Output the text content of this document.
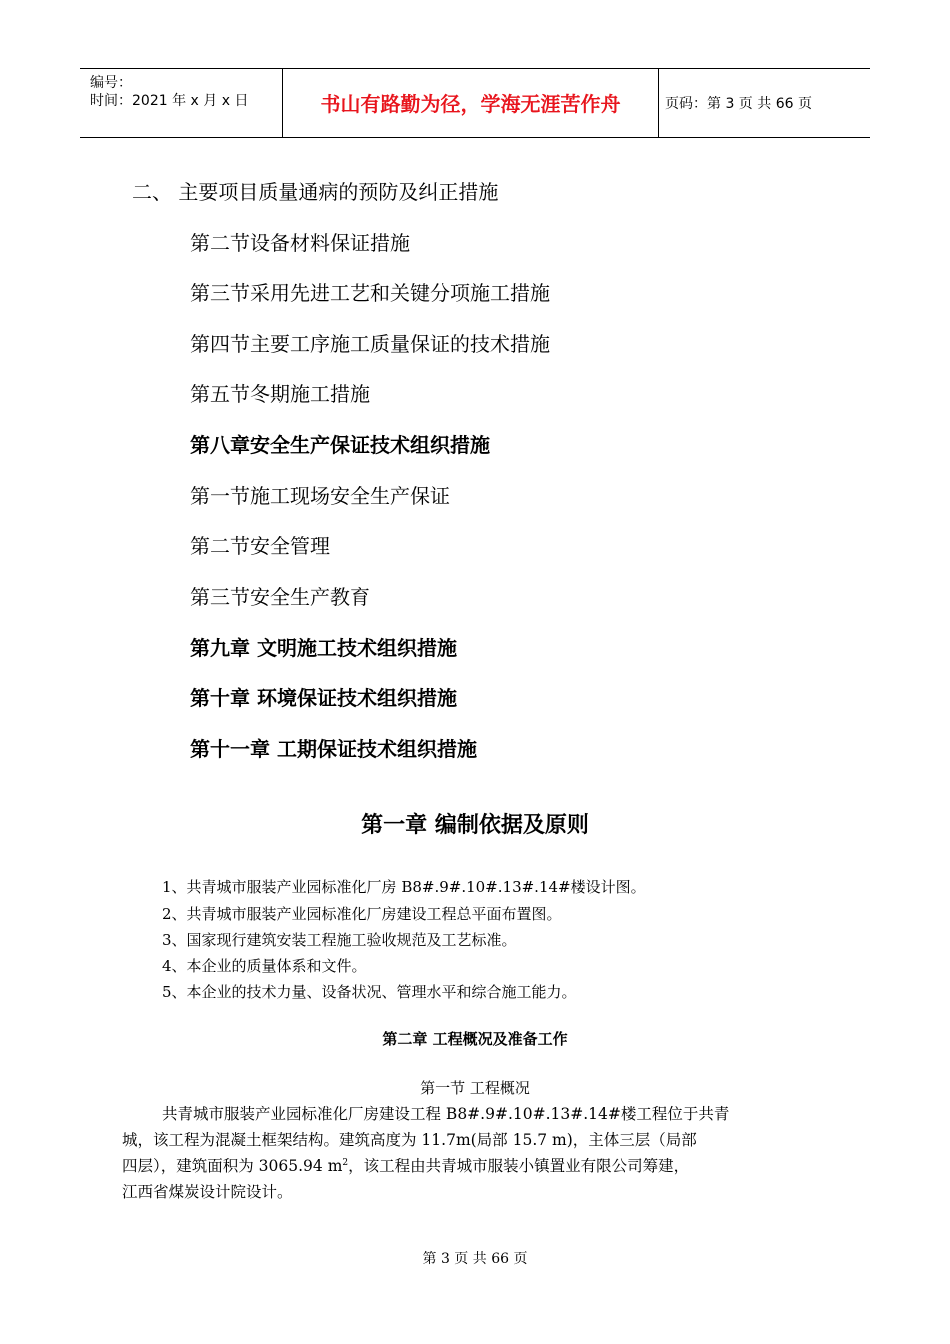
编号：
时间：2021 年 x 月 x 日	书山有路勤为径，学海无涯苦作舟	页码：第 3 页 共 66 页
二、 主要项目质量通病的预防及纠正措施
第二节设备材料保证措施
第三节采用先进工艺和关键分项施工措施
第四节主要工序施工质量保证的技术措施
第五节冬期施工措施
第八章安全生产保证技术组织措施
第一节施工现场安全生产保证
第二节安全管理
第三节安全生产教育
第九章 文明施工技术组织措施
第十章 环境保证技术组织措施
第十一章 工期保证技术组织措施
第一章 编制依据及原则
1、共青城市服装产业园标准化厂房 B8#.9#.10#.13#.14#楼设计图。
2、共青城市服装产业园标准化厂房建设工程总平面布置图。
3、国家现行建筑安装工程施工验收规范及工艺标准。
4、本企业的质量体系和文件。
5、本企业的技术力量、设备状况、管理水平和综合施工能力。
第二章 工程概况及准备工作
第一节 工程概况
共青城市服装产业园标准化厂房建设工程 B8#.9#.10#.13#.14#楼工程位于共青
城，该工程为混凝土框架结构。建筑高度为 11.7m(局部 15.7 m)，主体三层（局部
四层），建筑面积为 3065.94 $m^2$，该工程由共青城市服装小镇置业有限公司筹建，
江西省煤炭设计院设计。
第 3 页 共 66 页
